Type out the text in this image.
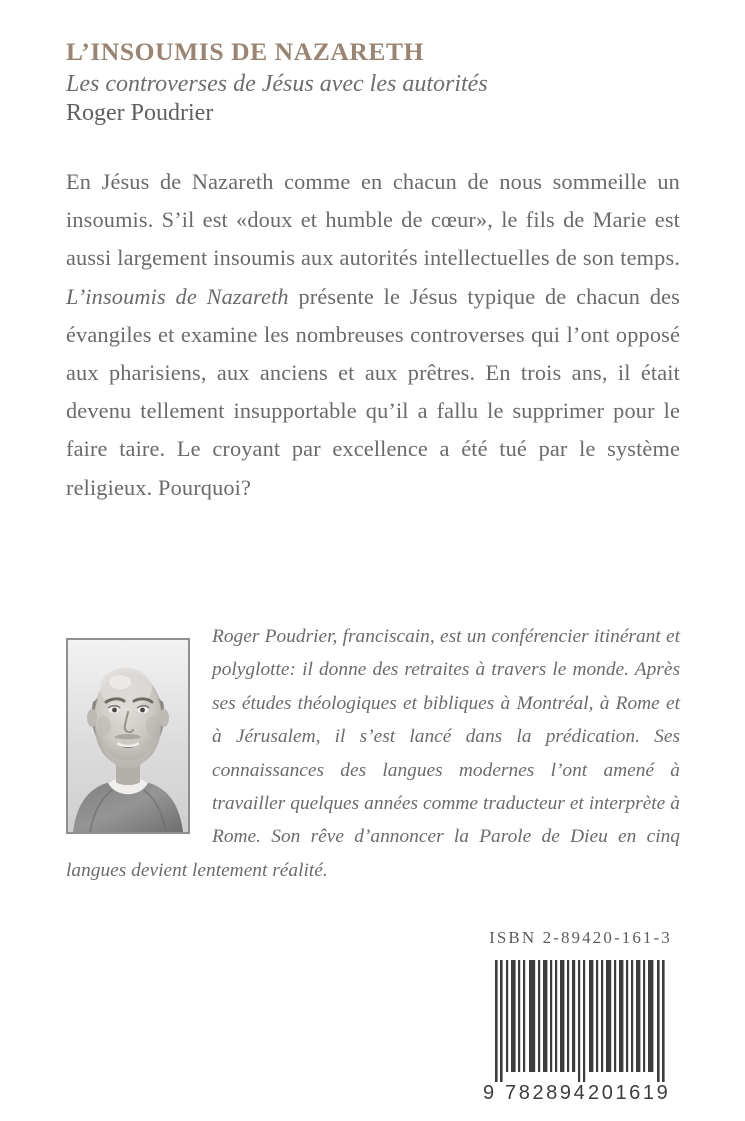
L’INSOUMIS DE NAZARETH
Les controverses de Jésus avec les autorités
Roger Poudrier
En Jésus de Nazareth comme en chacun de nous sommeille un insoumis. S’il est «doux et humble de cœur», le fils de Marie est aussi largement insoumis aux autorités intellectuelles de son temps. L’insoumis de Nazareth présente le Jésus typique de chacun des évangiles et examine les nombreuses controverses qui l’ont opposé aux pharisiens, aux anciens et aux prêtres. En trois ans, il était devenu tellement insupportable qu’il a fallu le supprimer pour le faire taire. Le croyant par excellence a été tué par le système religieux. Pourquoi?
Roger Poudrier, franciscain, est un conférencier itinérant et polyglotte: il donne des retraites à travers le monde. Après ses études théologiques et bibliques à Montréal, à Rome et à Jérusalem, il s’est lancé dans la prédication. Ses connaissances des langues modernes l’ont amené à travailler quelques années comme traducteur et interprète à Rome. Son rêve d’annoncer la Parole de Dieu en cinq langues devient lentement réalité.
ISBN 2-89420-161-3
9 782894 201619
